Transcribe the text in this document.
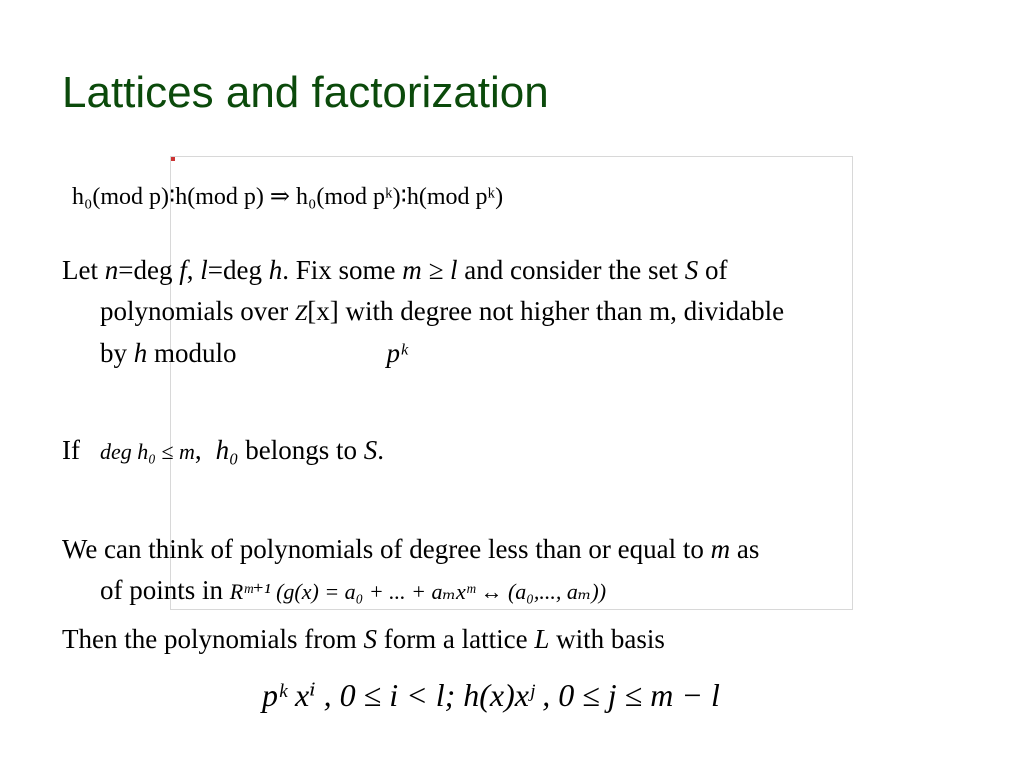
Lattices and factorization
h₀(mod p)∶h(mod p) ⇒ h₀(mod pᵏ)∶h(mod pᵏ)
Let n=deg f, l=deg h. Fix some m ≥ l and consider the set S of
polynomials over Z[x] with degree not higher than m, dividable
by h modulo	pᵏ
If deg h₀ ≤ m, h₀ belongs to S.
We can think of polynomials of degree less than or equal to m as
of points in Rᵐ⁺¹ (g(x) = a₀ + ... + aₘxᵐ ↔ (a₀,..., aₘ))
Then the polynomials from S form a lattice L with basis
pᵏ xⁱ , 0 ≤ i < l; h(x)xʲ , 0 ≤ j ≤ m − l
